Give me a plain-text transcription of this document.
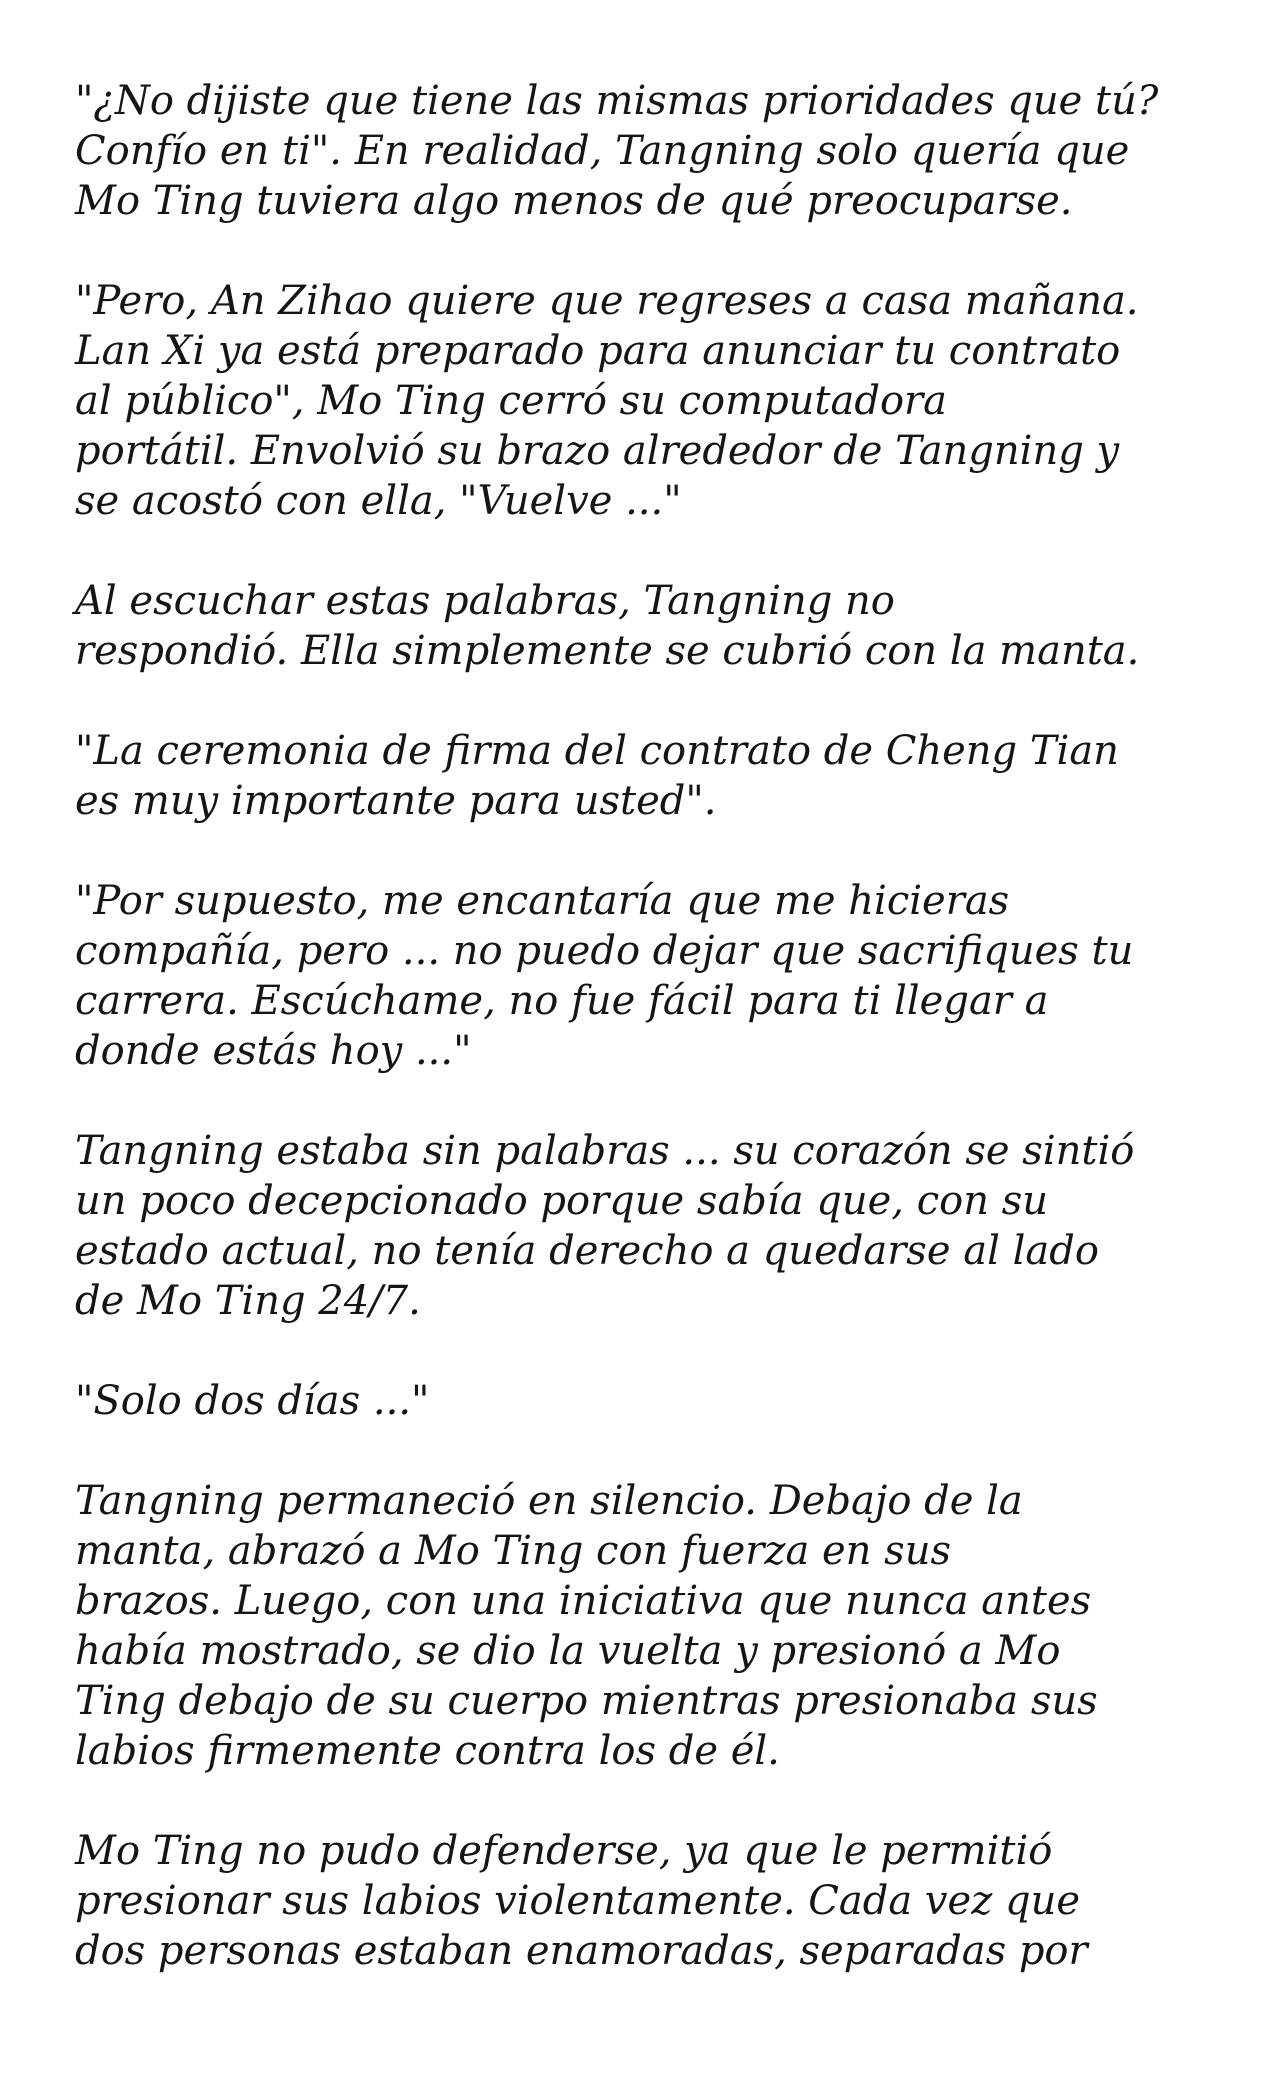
"¿No dijiste que tiene las mismas prioridades que tú?
Confío en ti". En realidad, Tangning solo quería que
Mo Ting tuviera algo menos de qué preocuparse.

"Pero, An Zihao quiere que regreses a casa mañana.
Lan Xi ya está preparado para anunciar tu contrato
al público", Mo Ting cerró su computadora
portátil. Envolvió su brazo alrededor de Tangning y
se acostó con ella, "Vuelve ..."

Al escuchar estas palabras, Tangning no
respondió. Ella simplemente se cubrió con la manta.

"La ceremonia de firma del contrato de Cheng Tian
es muy importante para usted".

"Por supuesto, me encantaría que me hicieras
compañía, pero ... no puedo dejar que sacrifiques tu
carrera. Escúchame, no fue fácil para ti llegar a
donde estás hoy ..."

Tangning estaba sin palabras ... su corazón se sintió
un poco decepcionado porque sabía que, con su
estado actual, no tenía derecho a quedarse al lado
de Mo Ting 24/7.

"Solo dos días ..."

Tangning permaneció en silencio. Debajo de la
manta, abrazó a Mo Ting con fuerza en sus
brazos. Luego, con una iniciativa que nunca antes
había mostrado, se dio la vuelta y presionó a Mo
Ting debajo de su cuerpo mientras presionaba sus
labios firmemente contra los de él.

Mo Ting no pudo defenderse, ya que le permitió
presionar sus labios violentamente. Cada vez que
dos personas estaban enamoradas, separadas por
